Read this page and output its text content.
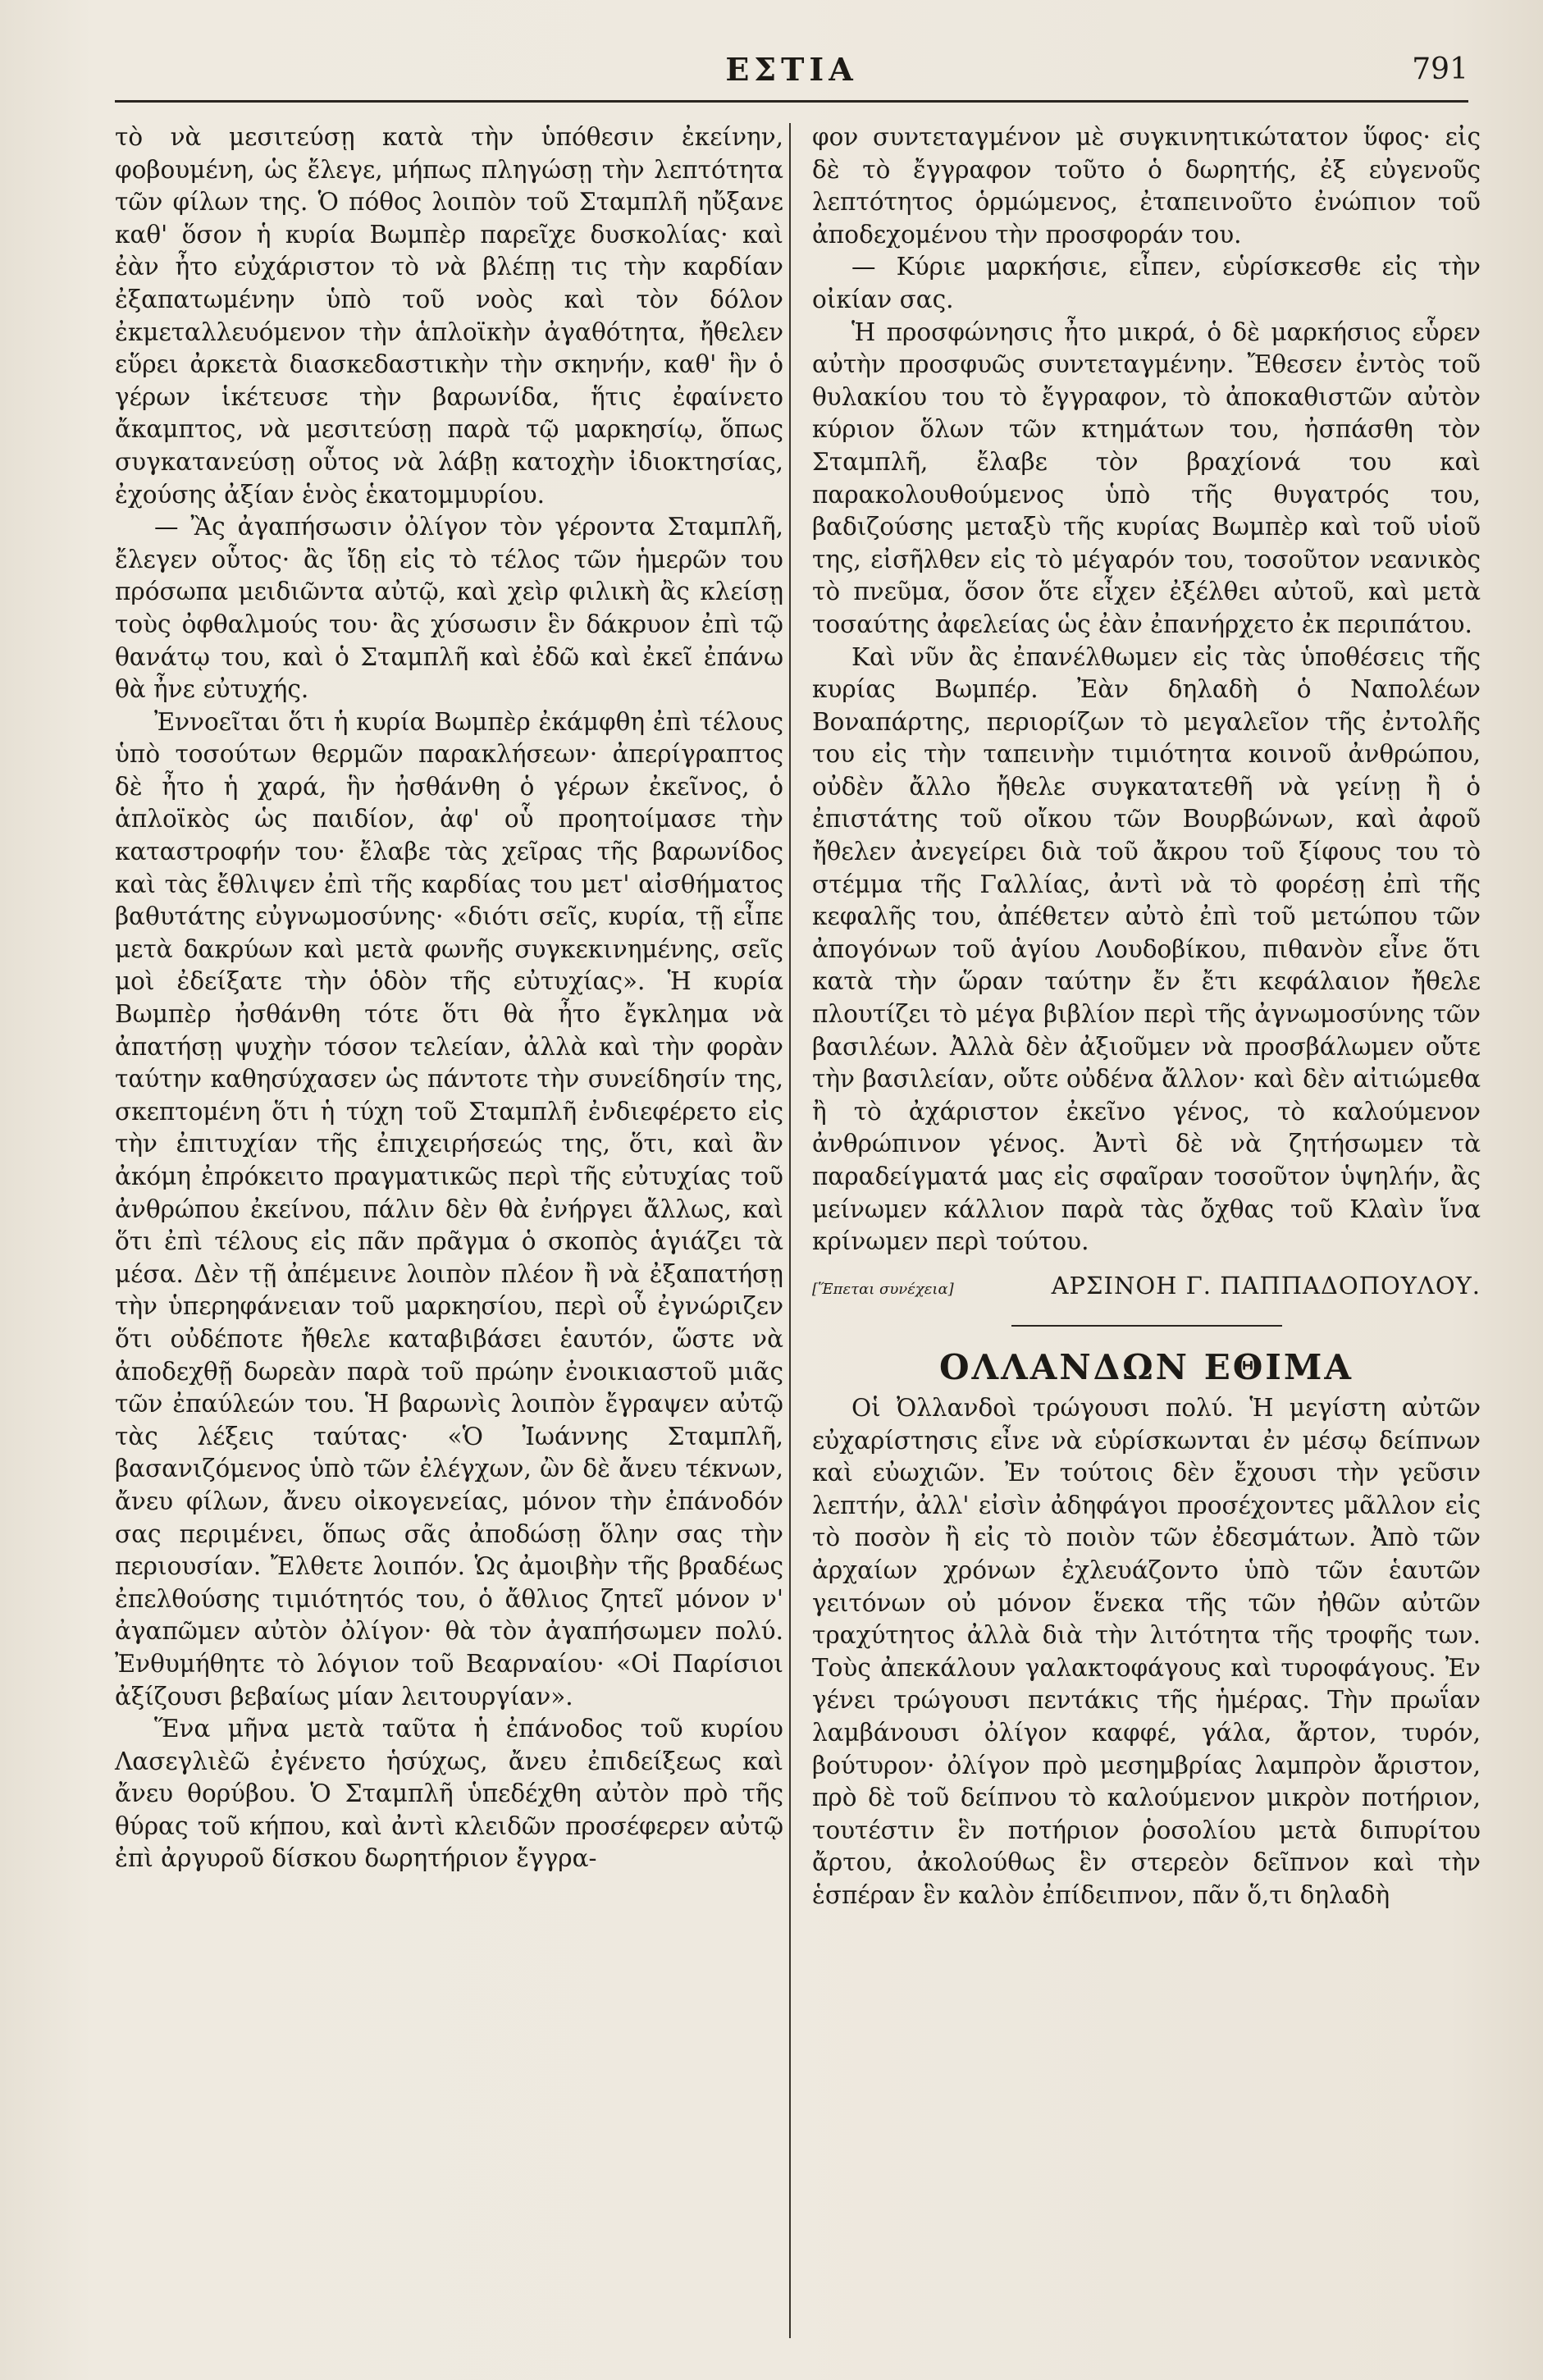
ΕΣΤΙΑ	791

τὸ νὰ μεσιτεύσῃ κατὰ τὴν ὑπόθεσιν ἐκείνην, φοβουμένη, ὡς ἔλεγε, μήπως πληγώσῃ τὴν λεπτότητα τῶν φίλων της. Ὁ πόθος λοιπὸν τοῦ Σταμπλῆ ηὔξανε καθ' ὅσον ἡ κυρία Βωμπὲρ παρεῖχε δυσκολίας· καὶ ἐὰν ἦτο εὐχάριστον τὸ νὰ βλέπῃ τις τὴν καρδίαν ἐξαπατωμένην ὑπὸ τοῦ νοὸς καὶ τὸν δόλον ἐκμεταλλευόμενον τὴν ἁπλοϊκὴν ἀγαθότητα, ἤθελεν εὕρει ἀρκετὰ διασκεδαστικὴν τὴν σκηνήν, καθ' ἣν ὁ γέρων ἱκέτευσε τὴν βαρωνίδα, ἥτις ἐφαίνετο ἄκαμπτος, νὰ μεσιτεύσῃ παρὰ τῷ μαρκησίῳ, ὅπως συγκατανεύσῃ οὗτος νὰ λάβῃ κατοχὴν ἰδιοκτησίας, ἐχούσης ἀξίαν ἑνὸς ἑκατομμυρίου.

— Ἂς ἀγαπήσωσιν ὀλίγον τὸν γέροντα Σταμπλῆ, ἔλεγεν οὗτος· ἂς ἴδῃ εἰς τὸ τέλος τῶν ἡμερῶν του πρόσωπα μειδιῶντα αὐτῷ, καὶ χεὶρ φιλικὴ ἂς κλείσῃ τοὺς ὀφθαλμούς του· ἂς χύσωσιν ἓν δάκρυον ἐπὶ τῷ θανάτῳ του, καὶ ὁ Σταμπλῆ καὶ ἐδῶ καὶ ἐκεῖ ἐπάνω θὰ ἦνε εὐτυχής.

Ἐννοεῖται ὅτι ἡ κυρία Βωμπὲρ ἐκάμφθη ἐπὶ τέλους ὑπὸ τοσούτων θερμῶν παρακλήσεων· ἀπερίγραπτος δὲ ἦτο ἡ χαρά, ἣν ἠσθάνθη ὁ γέρων ἐκεῖνος, ὁ ἁπλοϊκὸς ὡς παιδίον, ἀφ' οὗ προητοίμασε τὴν καταστροφήν του· ἔλαβε τὰς χεῖρας τῆς βαρωνίδος καὶ τὰς ἔθλιψεν ἐπὶ τῆς καρδίας του μετ' αἰσθήματος βαθυτάτης εὐγνωμοσύνης· «διότι σεῖς, κυρία, τῇ εἶπε μετὰ δακρύων καὶ μετὰ φωνῆς συγκεκινημένης, σεῖς μοὶ ἐδείξατε τὴν ὁδὸν τῆς εὐτυχίας». Ἡ κυρία Βωμπὲρ ἠσθάνθη τότε ὅτι θὰ ἦτο ἔγκλημα νὰ ἀπατήσῃ ψυχὴν τόσον τελείαν, ἀλλὰ καὶ τὴν φορὰν ταύτην καθησύχασεν ὡς πάντοτε τὴν συνείδησίν της, σκεπτομένη ὅτι ἡ τύχη τοῦ Σταμπλῆ ἐνδιεφέρετο εἰς τὴν ἐπιτυχίαν τῆς ἐπιχειρήσεώς της, ὅτι, καὶ ἂν ἀκόμη ἐπρόκειτο πραγματικῶς περὶ τῆς εὐτυχίας τοῦ ἀνθρώπου ἐκείνου, πάλιν δὲν θὰ ἐνήργει ἄλλως, καὶ ὅτι ἐπὶ τέλους εἰς πᾶν πρᾶγμα ὁ σκοπὸς ἁγιάζει τὰ μέσα. Δὲν τῇ ἀπέμεινε λοιπὸν πλέον ἢ νὰ ἐξαπατήσῃ τὴν ὑπερηφάνειαν τοῦ μαρκησίου, περὶ οὗ ἐγνώριζεν ὅτι οὐδέποτε ἤθελε καταβιβάσει ἑαυτόν, ὥστε νὰ ἀποδεχθῇ δωρεὰν παρὰ τοῦ πρώην ἐνοικιαστοῦ μιᾶς τῶν ἐπαύλεών του. Ἡ βαρωνὶς λοιπὸν ἔγραψεν αὐτῷ τὰς λέξεις ταύτας· «Ὁ Ἰωάννης Σταμπλῆ, βασανιζόμενος ὑπὸ τῶν ἐλέγχων, ὢν δὲ ἄνευ τέκνων, ἄνευ φίλων, ἄνευ οἰκογενείας, μόνον τὴν ἐπάνοδόν σας περιμένει, ὅπως σᾶς ἀποδώσῃ ὅλην σας τὴν περιουσίαν. Ἔλθετε λοιπόν. Ὡς ἀμοιβὴν τῆς βραδέως ἐπελθούσης τιμιότητός του, ὁ ἄθλιος ζητεῖ μόνον ν' ἀγαπῶμεν αὐτὸν ὀλίγον· θὰ τὸν ἀγαπήσωμεν πολύ. Ἐνθυμήθητε τὸ λόγιον τοῦ Βεαρναίου· «Οἱ Παρίσιοι ἀξίζουσι βεβαίως μίαν λειτουργίαν».

Ἕνα μῆνα μετὰ ταῦτα ἡ ἐπάνοδος τοῦ κυρίου Λασεγλιὲῶ ἐγένετο ἡσύχως, ἄνευ ἐπιδείξεως καὶ ἄνευ θορύβου. Ὁ Σταμπλῆ ὑπεδέχθη αὐτὸν πρὸ τῆς θύρας τοῦ κήπου, καὶ ἀντὶ κλειδῶν προσέφερεν αὐτῷ ἐπὶ ἀργυροῦ δίσκου δωρητήριον ἔγγρα-

φον συντεταγμένον μὲ συγκινητικώτατον ὕφος· εἰς δὲ τὸ ἔγγραφον τοῦτο ὁ δωρητής, ἐξ εὐγενοῦς λεπτότητος ὁρμώμενος, ἐταπεινοῦτο ἐνώπιον τοῦ ἀποδεχομένου τὴν προσφοράν του.

— Κύριε μαρκήσιε, εἶπεν, εὑρίσκεσθε εἰς τὴν οἰκίαν σας.

Ἡ προσφώνησις ἦτο μικρά, ὁ δὲ μαρκήσιος εὗρεν αὐτὴν προσφυῶς συντεταγμένην. Ἔθεσεν ἐντὸς τοῦ θυλακίου του τὸ ἔγγραφον, τὸ ἀποκαθιστῶν αὐτὸν κύριον ὅλων τῶν κτημάτων του, ἠσπάσθη τὸν Σταμπλῆ, ἔλαβε τὸν βραχίονά του καὶ παρακολουθούμενος ὑπὸ τῆς θυγατρός του, βαδιζούσης μεταξὺ τῆς κυρίας Βωμπὲρ καὶ τοῦ υἱοῦ της, εἰσῆλθεν εἰς τὸ μέγαρόν του, τοσοῦτον νεανικὸς τὸ πνεῦμα, ὅσον ὅτε εἶχεν ἐξέλθει αὐτοῦ, καὶ μετὰ τοσαύτης ἀφελείας ὡς ἐὰν ἐπανήρχετο ἐκ περιπάτου.

Καὶ νῦν ἂς ἐπανέλθωμεν εἰς τὰς ὑποθέσεις τῆς κυρίας Βωμπέρ. Ἐὰν δηλαδὴ ὁ Ναπολέων Βοναπάρτης, περιορίζων τὸ μεγαλεῖον τῆς ἐντολῆς του εἰς τὴν ταπεινὴν τιμιότητα κοινοῦ ἀνθρώπου, οὐδὲν ἄλλο ἤθελε συγκατατεθῆ νὰ γείνῃ ἢ ὁ ἐπιστάτης τοῦ οἴκου τῶν Βουρβώνων, καὶ ἀφοῦ ἤθελεν ἀνεγείρει διὰ τοῦ ἄκρου τοῦ ξίφους του τὸ στέμμα τῆς Γαλλίας, ἀντὶ νὰ τὸ φορέσῃ ἐπὶ τῆς κεφαλῆς του, ἀπέθετεν αὐτὸ ἐπὶ τοῦ μετώπου τῶν ἀπογόνων τοῦ ἁγίου Λουδοβίκου, πιθανὸν εἶνε ὅτι κατὰ τὴν ὥραν ταύτην ἔν ἔτι κεφάλαιον ἤθελε πλουτίζει τὸ μέγα βιβλίον περὶ τῆς ἀγνωμοσύνης τῶν βασιλέων. Ἀλλὰ δὲν ἀξιοῦμεν νὰ προσβάλωμεν οὔτε τὴν βασιλείαν, οὔτε οὐδένα ἄλλον· καὶ δὲν αἰτιώμεθα ἢ τὸ ἀχάριστον ἐκεῖνο γένος, τὸ καλούμενον ἀνθρώπινον γένος. Ἀντὶ δὲ νὰ ζητήσωμεν τὰ παραδείγματά μας εἰς σφαῖραν τοσοῦτον ὑψηλήν, ἂς μείνωμεν κάλλιον παρὰ τὰς ὄχθας τοῦ Κλαὶν ἵνα κρίνωμεν περὶ τούτου.

[Ἕπεται συνέχεια]	ΑΡΣΙΝΟΗ Γ. ΠΑΠΠΑΔΟΠΟΥΛΟΥ.
ΟΛΛΑΝΔΩΝ ΕΘΙΜΑ

Οἱ Ὀλλανδοὶ τρώγουσι πολύ. Ἡ μεγίστη αὐτῶν εὐχαρίστησις εἶνε νὰ εὑρίσκωνται ἐν μέσῳ δείπνων καὶ εὐωχιῶν. Ἐν τούτοις δὲν ἔχουσι τὴν γεῦσιν λεπτήν, ἀλλ' εἰσὶν ἀδηφάγοι προσέχοντες μᾶλλον εἰς τὸ ποσὸν ἢ εἰς τὸ ποιὸν τῶν ἐδεσμάτων. Ἀπὸ τῶν ἀρχαίων χρόνων ἐχλευάζοντο ὑπὸ τῶν ἑαυτῶν γειτόνων οὐ μόνον ἕνεκα τῆς τῶν ἠθῶν αὐτῶν τραχύτητος ἀλλὰ διὰ τὴν λιτότητα τῆς τροφῆς των. Τοὺς ἀπεκάλουν γαλακτοφάγους καὶ τυροφάγους. Ἐν γένει τρώγουσι πεντάκις τῆς ἡμέρας. Τὴν πρωΐαν λαμβάνουσι ὀλίγον καφφέ, γάλα, ἄρτον, τυρόν, βούτυρον· ὀλίγον πρὸ μεσημβρίας λαμπρὸν ἄριστον, πρὸ δὲ τοῦ δείπνου τὸ καλούμενον μικρὸν ποτήριον, τουτέστιν ἓν ποτήριον ῥοσολίου μετὰ διπυρίτου ἄρτου, ἀκολούθως ἓν στερεὸν δεῖπνον καὶ τὴν ἑσπέραν ἓν καλὸν ἐπίδειπνον, πᾶν ὅ,τι δηλαδὴ
